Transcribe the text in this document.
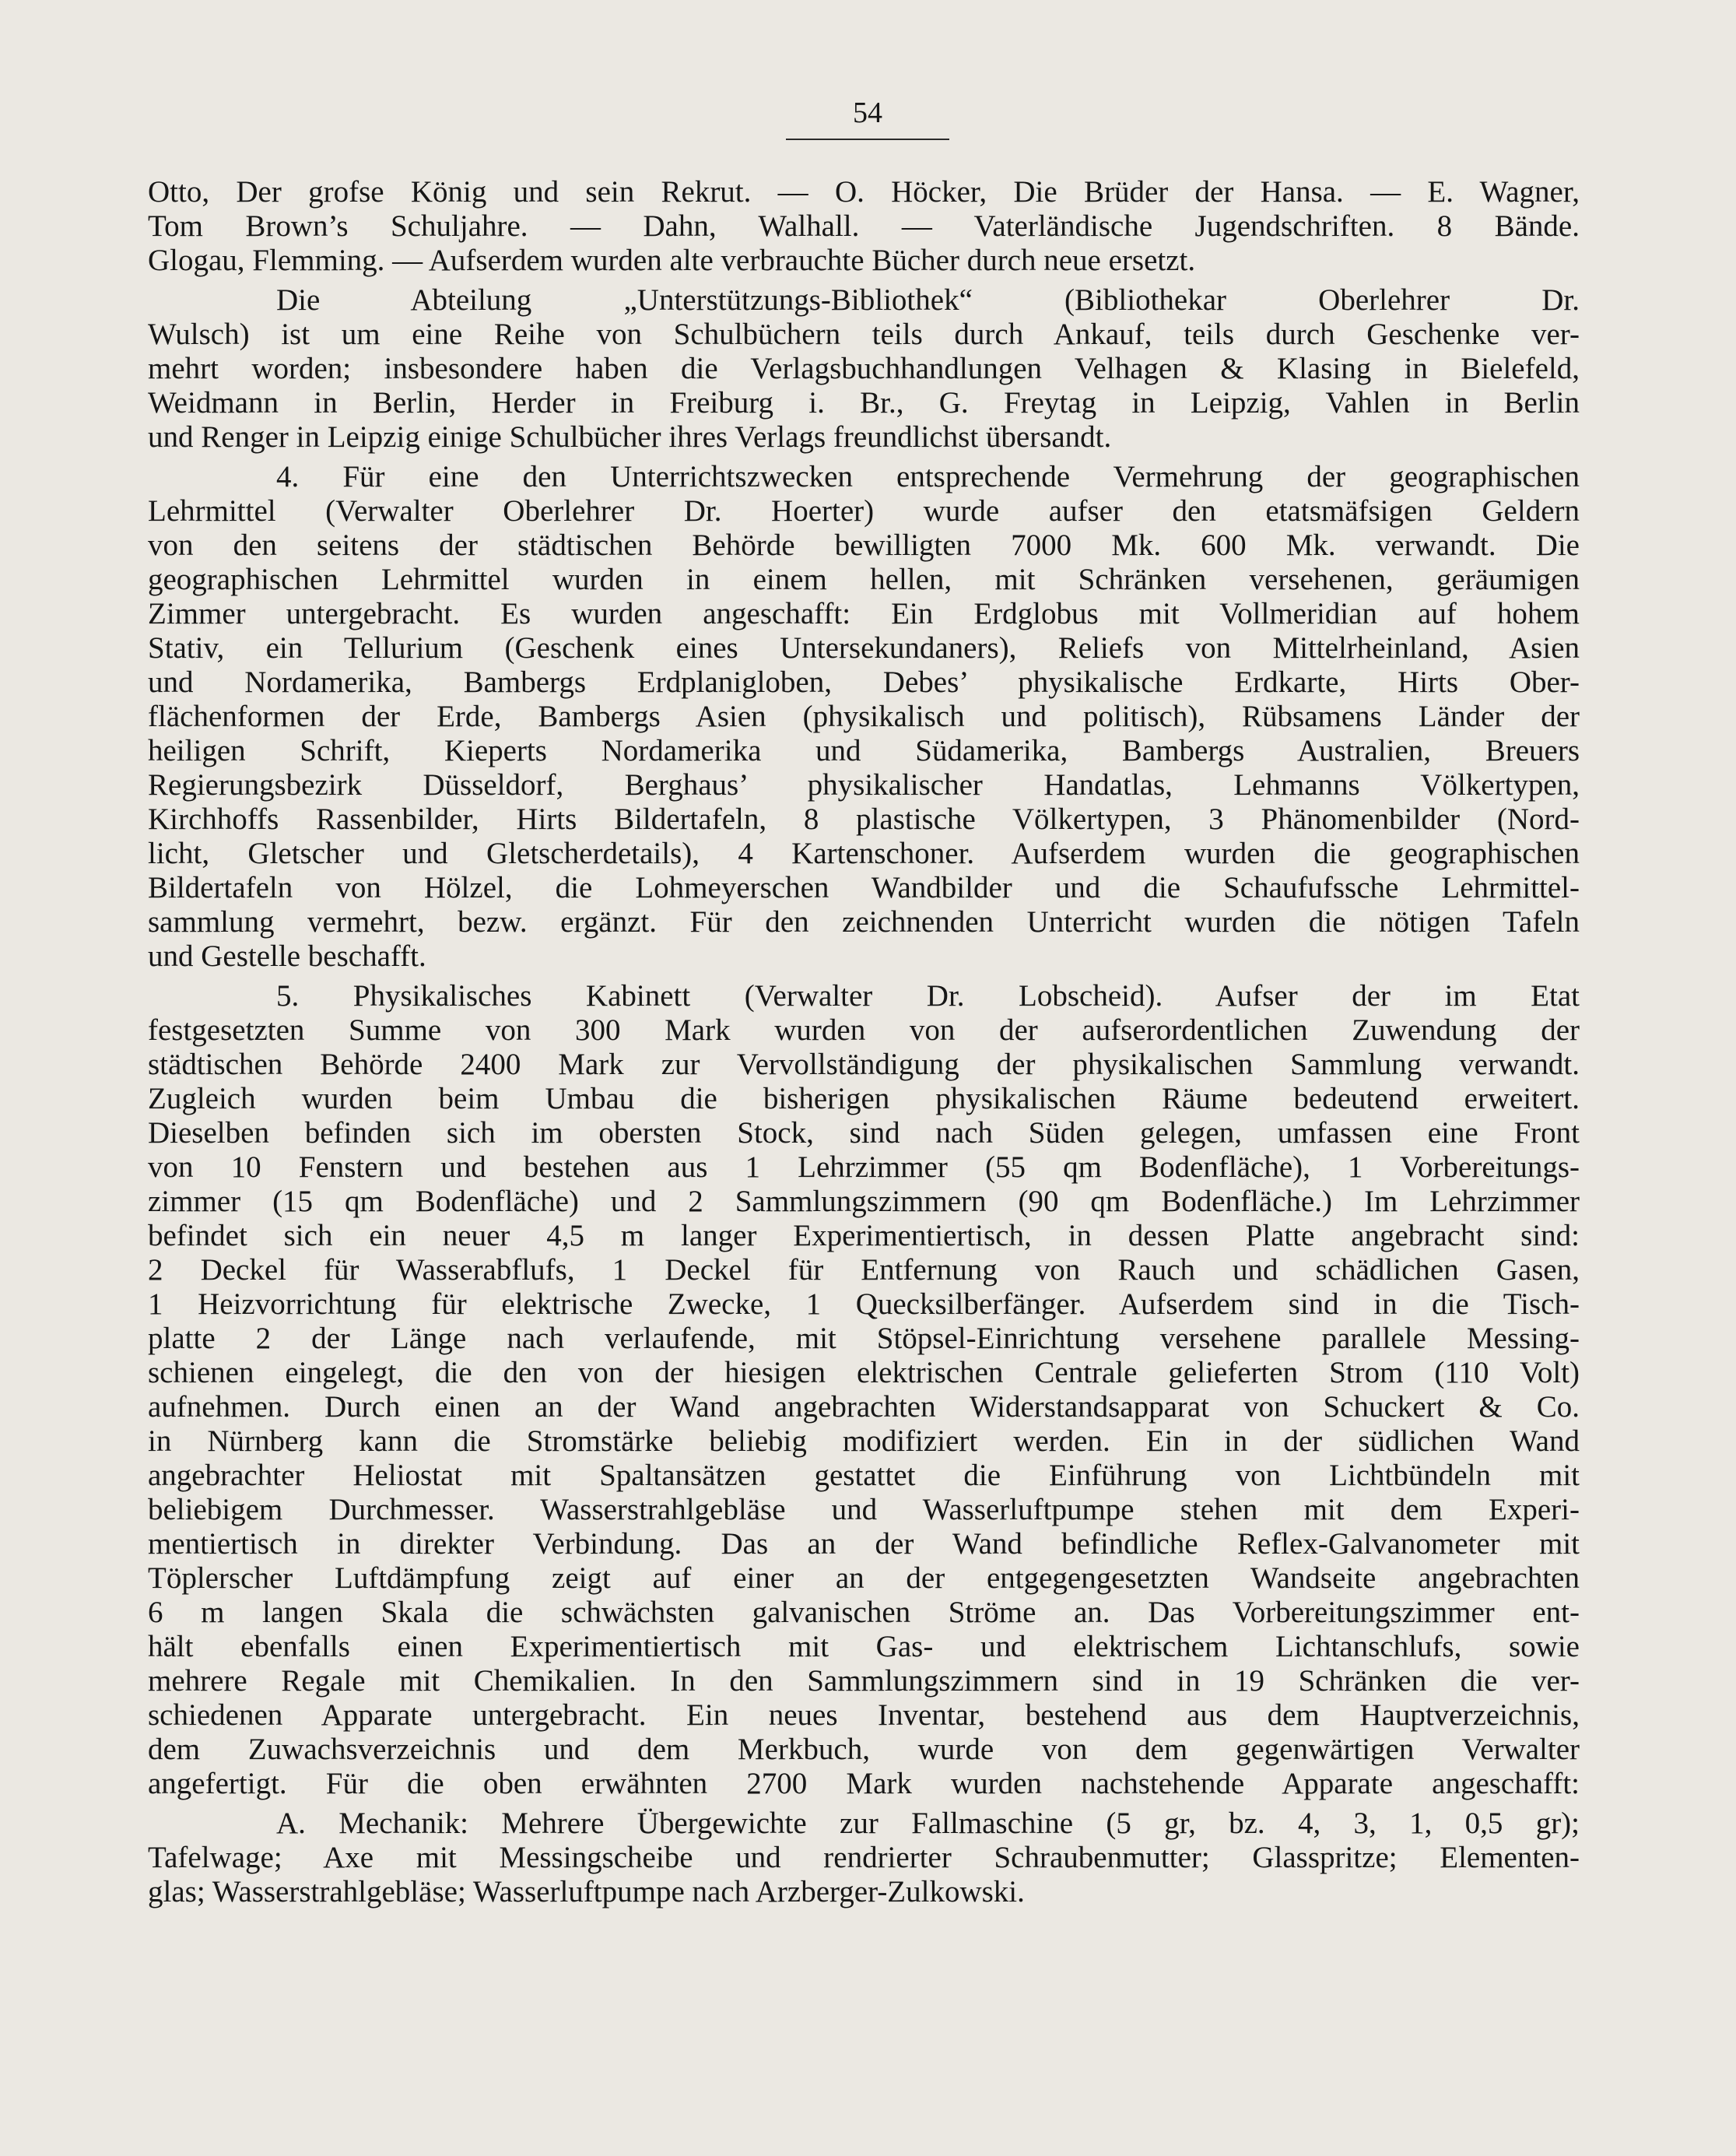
54
Otto, Der grofse König und sein Rekrut. — O. Höcker, Die Brüder der Hansa. — E. Wagner,
Tom Brown’s Schuljahre. — Dahn, Walhall. — Vaterländische Jugendschriften. 8 Bände.
Glogau, Flemming. — Aufserdem wurden alte verbrauchte Bücher durch neue ersetzt.
Die Abteilung „Unterstützungs-Bibliothek“ (Bibliothekar Oberlehrer Dr.
Wulsch) ist um eine Reihe von Schulbüchern teils durch Ankauf, teils durch Geschenke ver-
mehrt worden; insbesondere haben die Verlagsbuchhandlungen Velhagen & Klasing in Bielefeld,
Weidmann in Berlin, Herder in Freiburg i. Br., G. Freytag in Leipzig, Vahlen in Berlin
und Renger in Leipzig einige Schulbücher ihres Verlags freundlichst übersandt.
4. Für eine den Unterrichtszwecken entsprechende Vermehrung der geographischen
Lehrmittel (Verwalter Oberlehrer Dr. Hoerter) wurde aufser den etatsmäfsigen Geldern
von den seitens der städtischen Behörde bewilligten 7000 Mk. 600 Mk. verwandt. Die
geographischen Lehrmittel wurden in einem hellen, mit Schränken versehenen, geräumigen
Zimmer untergebracht. Es wurden angeschafft: Ein Erdglobus mit Vollmeridian auf hohem
Stativ, ein Tellurium (Geschenk eines Untersekundaners), Reliefs von Mittelrheinland, Asien
und Nordamerika, Bambergs Erdplanigloben, Debes’ physikalische Erdkarte, Hirts Ober-
flächenformen der Erde, Bambergs Asien (physikalisch und politisch), Rübsamens Länder der
heiligen Schrift, Kieperts Nordamerika und Südamerika, Bambergs Australien, Breuers
Regierungsbezirk Düsseldorf, Berghaus’ physikalischer Handatlas, Lehmanns Völkertypen,
Kirchhoffs Rassenbilder, Hirts Bildertafeln, 8 plastische Völkertypen, 3 Phänomenbilder (Nord-
licht, Gletscher und Gletscherdetails), 4 Kartenschoner. Aufserdem wurden die geographischen
Bildertafeln von Hölzel, die Lohmeyerschen Wandbilder und die Schaufufssche Lehrmittel-
sammlung vermehrt, bezw. ergänzt. Für den zeichnenden Unterricht wurden die nötigen Tafeln
und Gestelle beschafft.
5. Physikalisches Kabinett (Verwalter Dr. Lobscheid). Aufser der im Etat
festgesetzten Summe von 300 Mark wurden von der aufserordentlichen Zuwendung der
städtischen Behörde 2400 Mark zur Vervollständigung der physikalischen Sammlung verwandt.
Zugleich wurden beim Umbau die bisherigen physikalischen Räume bedeutend erweitert.
Dieselben befinden sich im obersten Stock, sind nach Süden gelegen, umfassen eine Front
von 10 Fenstern und bestehen aus 1 Lehrzimmer (55 qm Bodenfläche), 1 Vorbereitungs-
zimmer (15 qm Bodenfläche) und 2 Sammlungszimmern (90 qm Bodenfläche.) Im Lehrzimmer
befindet sich ein neuer 4,5 m langer Experimentiertisch, in dessen Platte angebracht sind:
2 Deckel für Wasserabflufs, 1 Deckel für Entfernung von Rauch und schädlichen Gasen,
1 Heizvorrichtung für elektrische Zwecke, 1 Quecksilberfänger. Aufserdem sind in die Tisch-
platte 2 der Länge nach verlaufende, mit Stöpsel-Einrichtung versehene parallele Messing-
schienen eingelegt, die den von der hiesigen elektrischen Centrale gelieferten Strom (110 Volt)
aufnehmen. Durch einen an der Wand angebrachten Widerstandsapparat von Schuckert & Co.
in Nürnberg kann die Stromstärke beliebig modifiziert werden. Ein in der südlichen Wand
angebrachter Heliostat mit Spaltansätzen gestattet die Einführung von Lichtbündeln mit
beliebigem Durchmesser. Wasserstrahlgebläse und Wasserluftpumpe stehen mit dem Experi-
mentiertisch in direkter Verbindung. Das an der Wand befindliche Reflex-Galvanometer mit
Töplerscher Luftdämpfung zeigt auf einer an der entgegengesetzten Wandseite angebrachten
6 m langen Skala die schwächsten galvanischen Ströme an. Das Vorbereitungszimmer ent-
hält ebenfalls einen Experimentiertisch mit Gas- und elektrischem Lichtanschlufs, sowie
mehrere Regale mit Chemikalien. In den Sammlungszimmern sind in 19 Schränken die ver-
schiedenen Apparate untergebracht. Ein neues Inventar, bestehend aus dem Hauptverzeichnis,
dem Zuwachsverzeichnis und dem Merkbuch, wurde von dem gegenwärtigen Verwalter
angefertigt. Für die oben erwähnten 2700 Mark wurden nachstehende Apparate angeschafft:
A. Mechanik: Mehrere Übergewichte zur Fallmaschine (5 gr, bz. 4, 3, 1, 0,5 gr);
Tafelwage; Axe mit Messingscheibe und rendrierter Schraubenmutter; Glasspritze; Elementen-
glas; Wasserstrahlgebläse; Wasserluftpumpe nach Arzberger-Zulkowski.
